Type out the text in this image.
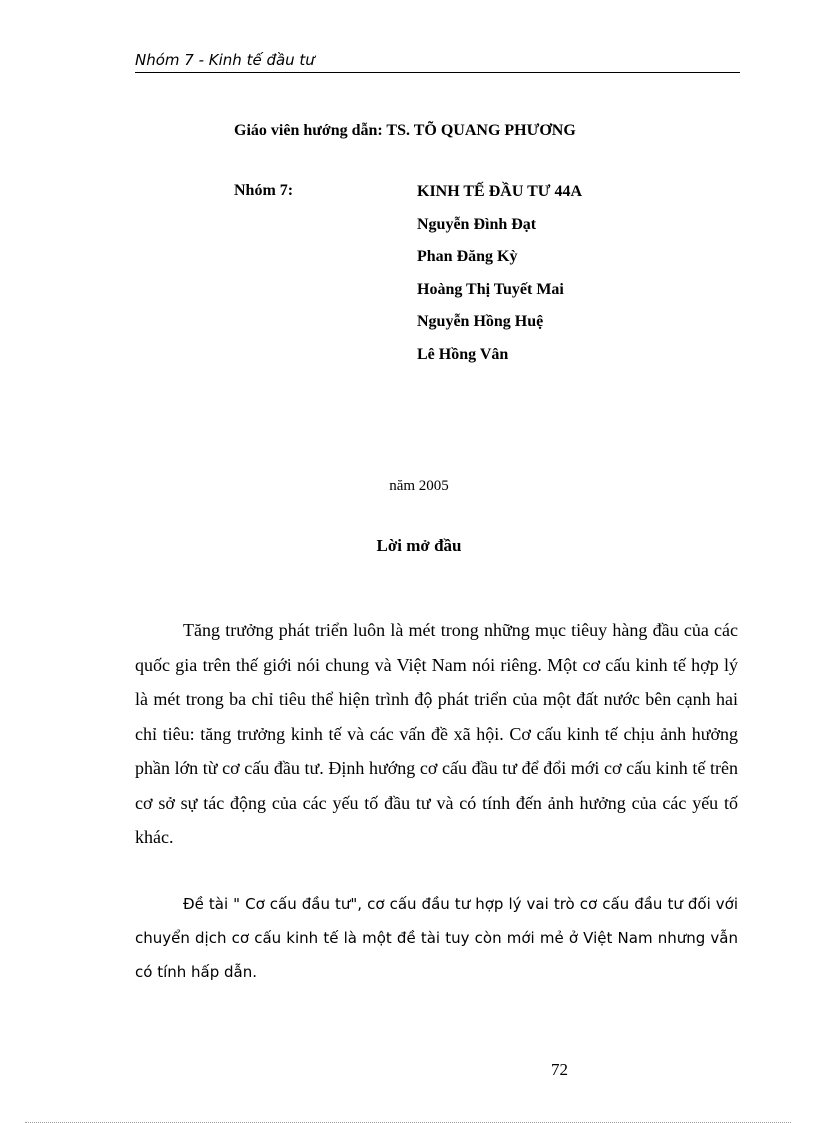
Nhóm 7 - Kinh tế đầu tư
Giáo viên hướng dẫn: TS. TÕ QUANG PHƯƠNG
Nhóm 7:	KINH TẾ ĐẦU TƯ 44A
Nguyễn Đình Đạt
Phan Đăng Kỳ
Hoàng Thị Tuyết Mai
Nguyễn Hồng Huệ
Lê Hồng Vân
năm 2005
Lời mở đầu

Tăng trưởng phát triển luôn là mét trong những mục tiêuy hàng đầu của các quốc gia trên thế giới nói chung và Việt Nam nói riêng. Một cơ cấu kinh tế hợp lý là mét trong ba chỉ tiêu thể hiện trình độ phát triển của một đất nước bên cạnh hai chỉ tiêu: tăng trưởng kinh tế và các vấn đề xã hội. Cơ cấu kinh tế chịu ảnh hưởng phần lớn từ cơ cấu đầu tư. Định hướng cơ cấu đầu tư để đổi mới cơ cấu kinh tế trên cơ sở sự tác động của các yếu tố đầu tư và có tính đến ảnh hưởng của các yếu tố khác.

Đề tài " Cơ cấu đầu tư", cơ cấu đầu tư hợp lý vai trò cơ cấu đầu tư đối với chuyển dịch cơ cấu kinh tế là một đề tài tuy còn mới mẻ ở Việt Nam nhưng vẫn có tính hấp dẫn.

72
